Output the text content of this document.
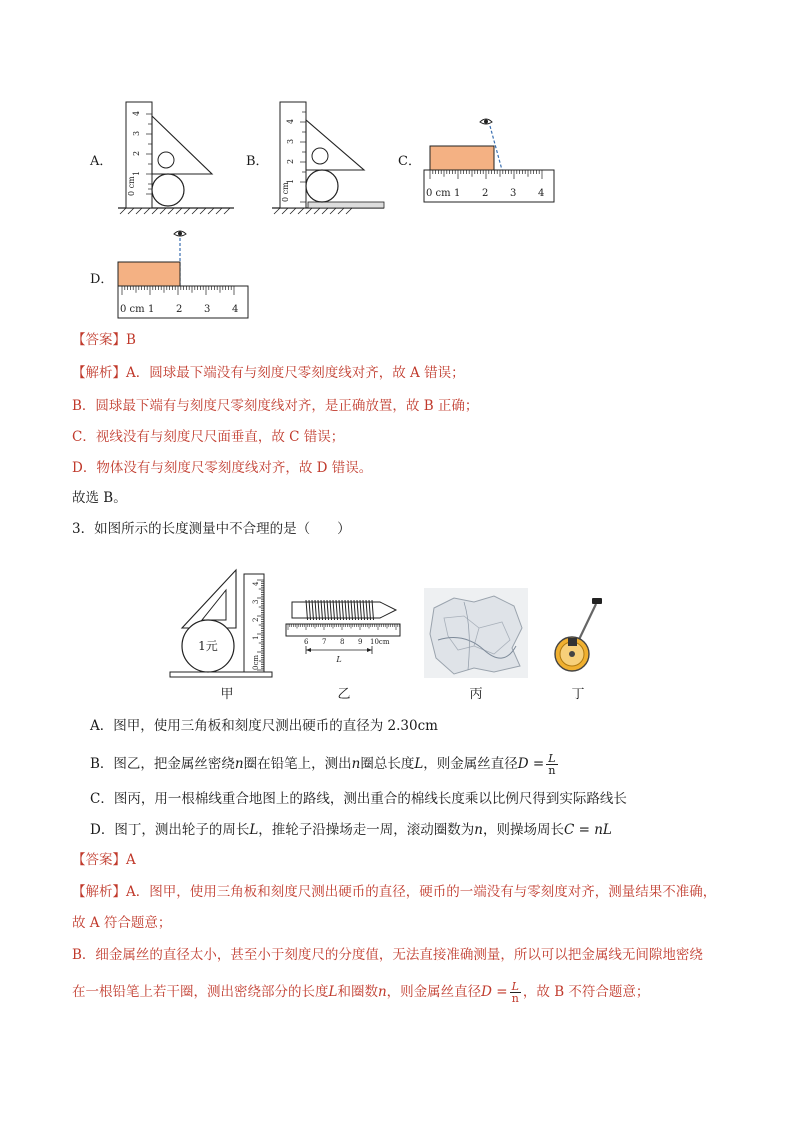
A．
0 cm
1
2
3
4
B．
0 cm
1
2
3
4
C．
0 cm 1 2 3 4
D．
0 cm 1 2 3 4
【答案】B
【解析】A．圆球最下端没有与刻度尺零刻度线对齐，故 A 错误；
B．圆球最下端有与刻度尺零刻度线对齐，是正确放置，故 B 正确；
C．视线没有与刻度尺尺面垂直，故 C 错误；
D．物体没有与刻度尺零刻度线对齐，故 D 错误。
故选 B。
3．如图所示的长度测量中不合理的是（　　）
1元
0cm
1
2
3
4
甲
6 7 8 9 10cm
L
乙	丙	丁
A．图甲，使用三角板和刻度尺测出硬币的直径为 2.30cm
B．图乙，把金属丝密绕n圈在铅笔上，测出n圈总长度L，则金属丝直径$D = \frac{L}{n}$
C．图丙，用一根棉线重合地图上的路线，测出重合的棉线长度乘以比例尺得到实际路线长
D．图丁，测出轮子的周长L，推轮子沿操场走一周，滚动圈数为n，则操场周长C = nL
【答案】A
【解析】A．图甲，使用三角板和刻度尺测出硬币的直径，硬币的一端没有与零刻度对齐，测量结果不准确，
故 A 符合题意；
B．细金属丝的直径太小，甚至小于刻度尺的分度值，无法直接准确测量，所以可以把金属线无间隙地密绕
在一根铅笔上若干圈，测出密绕部分的长度L和圈数n，则金属丝直径$D = \frac{L}{n}$ ，故 B 不符合题意；
